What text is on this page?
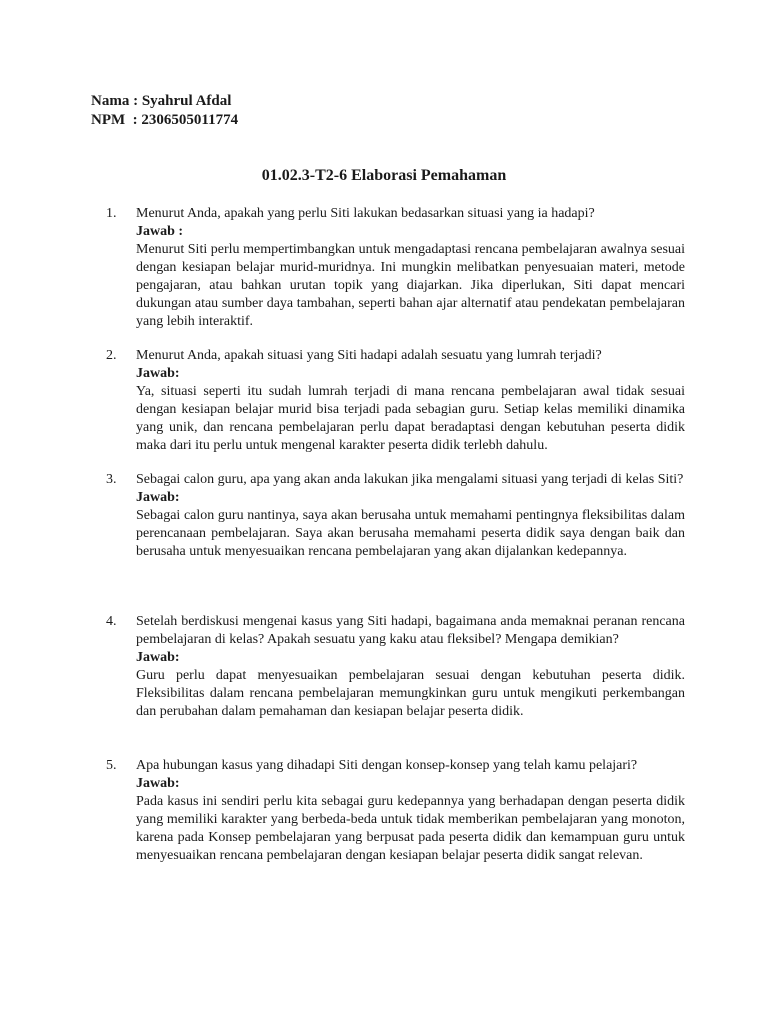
Nama : Syahrul Afdal
NPM  : 2306505011774
01.02.3-T2-6 Elaborasi Pemahaman
1.	Menurut Anda, apakah yang perlu Siti lakukan bedasarkan situasi yang ia hadapi?
Jawab :
Menurut Siti perlu mempertimbangkan untuk mengadaptasi rencana pembelajaran awalnya sesuai dengan kesiapan belajar murid-muridnya. Ini mungkin melibatkan penyesuaian materi, metode pengajaran, atau bahkan urutan topik yang diajarkan. Jika diperlukan, Siti dapat mencari dukungan atau sumber daya tambahan, seperti bahan ajar alternatif atau pendekatan pembelajaran yang lebih interaktif.
2.	Menurut Anda, apakah situasi yang Siti hadapi adalah sesuatu yang lumrah terjadi?
Jawab:
Ya, situasi seperti itu sudah lumrah terjadi di mana rencana pembelajaran awal tidak sesuai dengan kesiapan belajar murid bisa terjadi pada sebagian guru. Setiap kelas memiliki dinamika yang unik, dan rencana pembelajaran perlu dapat beradaptasi dengan kebutuhan peserta didik maka dari itu perlu untuk mengenal karakter peserta didik terlebh dahulu.
3.	Sebagai calon guru, apa yang akan anda lakukan jika mengalami situasi yang terjadi di kelas Siti?
Jawab:
Sebagai calon guru nantinya, saya akan berusaha untuk memahami pentingnya fleksibilitas dalam perencanaan pembelajaran. Saya akan berusaha memahami peserta didik saya dengan baik dan berusaha untuk menyesuaikan rencana pembelajaran yang akan dijalankan kedepannya.
4.	Setelah berdiskusi mengenai kasus yang Siti hadapi, bagaimana anda memaknai peranan rencana pembelajaran di kelas? Apakah sesuatu yang kaku atau fleksibel? Mengapa demikian?
Jawab:
Guru perlu dapat menyesuaikan pembelajaran sesuai dengan kebutuhan peserta didik. Fleksibilitas dalam rencana pembelajaran memungkinkan guru untuk mengikuti perkembangan dan perubahan dalam pemahaman dan kesiapan belajar peserta didik.
5.	Apa hubungan kasus yang dihadapi Siti dengan konsep-konsep yang telah kamu pelajari?
Jawab:
Pada kasus ini sendiri perlu kita sebagai guru kedepannya yang berhadapan dengan peserta didik yang memiliki karakter yang berbeda-beda untuk tidak memberikan pembelajaran yang monoton, karena pada Konsep pembelajaran yang berpusat pada peserta didik dan kemampuan guru untuk menyesuaikan rencana pembelajaran dengan kesiapan belajar peserta didik sangat relevan.
